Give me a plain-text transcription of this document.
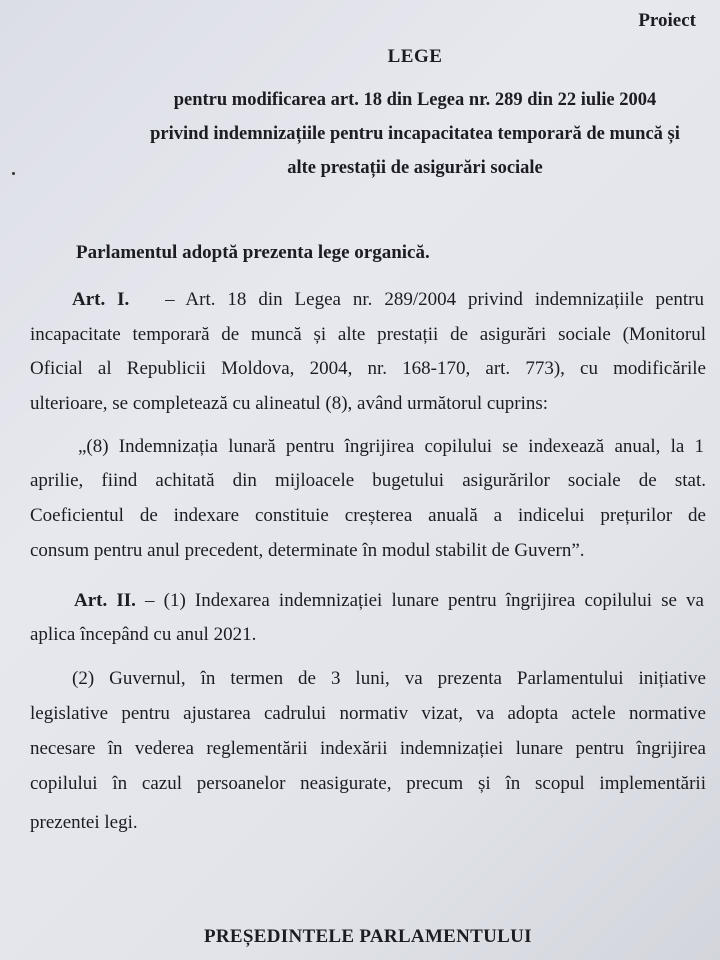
Proiect
LEGE
pentru modificarea art. 18 din Legea nr. 289 din 22 iulie 2004
privind indemnizațiile pentru incapacitatea temporară de muncă și
alte prestații de asigurări sociale
Parlamentul adoptă prezenta lege organică.
Art. I. – Art. 18 din Legea nr. 289/2004 privind indemnizațiile pentru
incapacitate temporară de muncă și alte prestații de asigurări sociale (Monitorul
Oficial al Republicii Moldova, 2004, nr. 168-170, art. 773), cu modificările
ulterioare, se completează cu alineatul (8), având următorul cuprins:
„(8) Indemnizația lunară pentru îngrijirea copilului se indexează anual, la 1
aprilie, fiind achitată din mijloacele bugetului asigurărilor sociale de stat.
Coeficientul de indexare constituie creșterea anuală a indicelui prețurilor de
consum pentru anul precedent, determinate în modul stabilit de Guvern”.
Art. II. – (1) Indexarea indemnizației lunare pentru îngrijirea copilului se va
aplica începând cu anul 2021.
(2) Guvernul, în termen de 3 luni, va prezenta Parlamentului inițiative
legislative pentru ajustarea cadrului normativ vizat, va adopta actele normative
necesare în vederea reglementării indexării indemnizației lunare pentru îngrijirea
copilului în cazul persoanelor neasigurate, precum și în scopul implementării
prezentei legi.
PREȘEDINTELE PARLAMENTULUI
